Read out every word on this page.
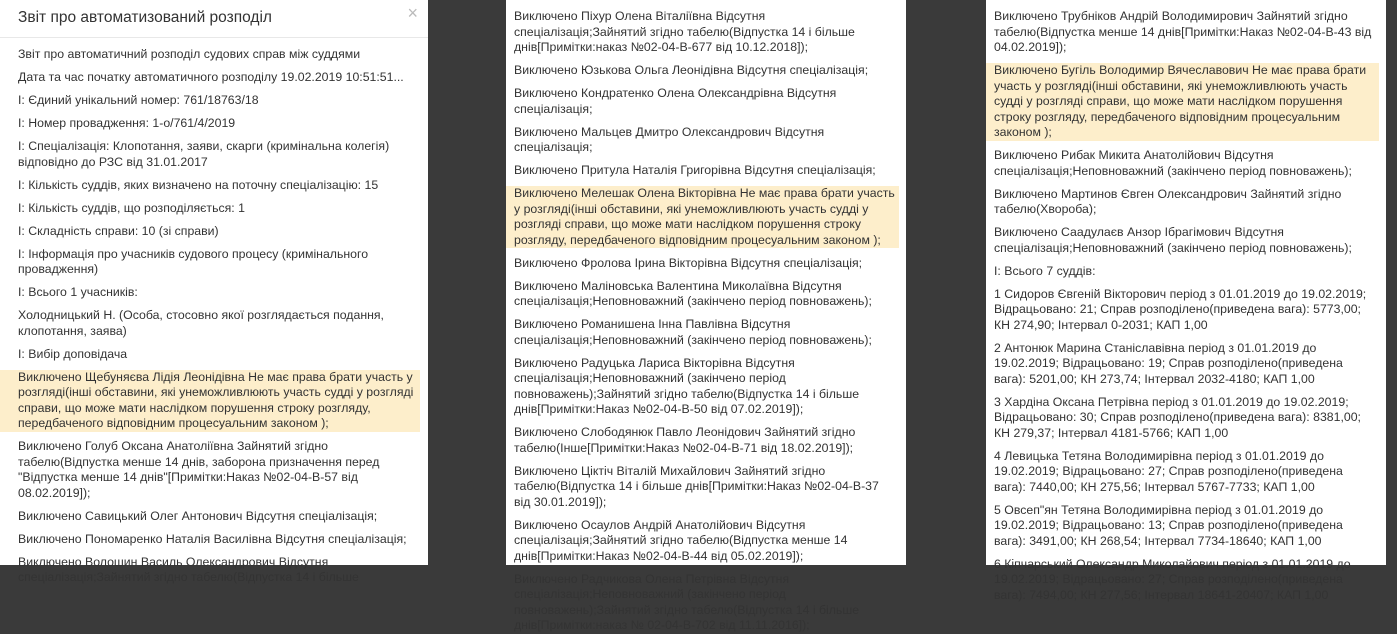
Звіт про автоматизований розподіл	×
Звіт про автоматичний розподіл судових справ між суддями
Дата та час початку автоматичного розподілу 19.02.2019 10:51:51...
І: Єдиний унікальний номер: 761/18763/18
І: Номер провадження: 1-о/761/4/2019
І: Спеціалізація: Клопотання, заяви, скарги (кримінальна колегія) відповідно до РЗС від 31.01.2017
І: Кількість суддів, яких визначено на поточну спеціалізацію: 15
І: Кількість суддів, що розподіляється: 1
І: Складність справи: 10 (зі справи)
І: Інформація про учасників судового процесу (кримінального провадження)
І: Всього 1 учасників:
Холодницький Н. (Особа, стосовно якої розглядається подання, клопотання, заява)
І: Вибір доповідача
Виключено Щебуняєва Лідія Леонідівна Не має права брати участь у розгляді(інші обставини, які унеможливлюють участь судді у розгляді справи, що може мати наслідком порушення строку розгляду, передбаченого відповідним процесуальним законом );
Виключено Голуб Оксана Анатоліївна Зайнятий згідно табелю(Відпустка менше 14 днів, заборона призначення перед "Відпустка менше 14 днів"[Примітки:Наказ №02-04-В-57 від 08.02.2019]);
Виключено Савицький Олег Антонович Відсутня спеціалізація;
Виключено Пономаренко Наталія Василівна Відсутня спеціалізація;
Виключено Волошин Василь Олександрович Відсутня спеціалізація;Зайнятий згідно табелю(Відпустка 14 і більше
Виключено Піхур Олена Віталіївна Відсутня спеціалізація;Зайнятий згідно табелю(Відпустка 14 і більше днів[Примітки:наказ №02-04-В-677 від 10.12.2018]);
Виключено Юзькова Ольга Леонідівна Відсутня спеціалізація;
Виключено Кондратенко Олена Олександрівна Відсутня спеціалізація;
Виключено Мальцев Дмитро Олександрович Відсутня спеціалізація;
Виключено Притула Наталія Григорівна Відсутня спеціалізація;
Виключено Мелешак Олена Вікторівна Не має права брати участь у розгляді(інші обставини, які унеможливлюють участь судді у розгляді справи, що може мати наслідком порушення строку розгляду, передбаченого відповідним процесуальним законом );
Виключено Фролова Ірина Вікторівна Відсутня спеціалізація;
Виключено Маліновська Валентина Миколаївна Відсутня спеціалізація;Неповноважний (закінчено період повноважень);
Виключено Романишена Інна Павлівна Відсутня спеціалізація;Неповноважний (закінчено період повноважень);
Виключено Радуцька Лариса Вікторівна Відсутня спеціалізація;Неповноважний (закінчено період повноважень);Зайнятий згідно табелю(Відпустка 14 і більше днів[Примітки:Наказ №02-04-В-50 від 07.02.2019]);
Виключено Слободянюк Павло Леонідович Зайнятий згідно табелю(Інше[Примітки:Наказ №02-04-В-71 від 18.02.2019]);
Виключено Цiктiч Віталій Михайлович Зайнятий згідно табелю(Відпустка 14 і більше днів[Примітки:Наказ №02-04-В-37 від 30.01.2019]);
Виключено Осаулов Андрій Анатолійович Відсутня спеціалізація;Зайнятий згідно табелю(Відпустка менше 14 днів[Примітки:Наказ №02-04-В-44 від 05.02.2019]);
Виключено Радчикова Олена Петрівна Відсутня спеціалізація;Неповноважний (закінчено період повноважень);Зайнятий згідно табелю(Відпустка 14 і більше днів[Примітки:наказ № 02-04-В-702 від 11.11.2016]);
Виключено Трубніков Андрій Володимирович Зайнятий згідно табелю(Відпустка менше 14 днів[Примітки:Наказ №02-04-В-43 від 04.02.2019]);
Виключено Бугіль Володимир Вячеславович Не має права брати участь у розгляді(інші обставини, які унеможливлюють участь судді у розгляді справи, що може мати наслідком порушення строку розгляду, передбаченого відповідним процесуальним законом );
Виключено Рибак Микита Анатолійович Відсутня спеціалізація;Неповноважний (закінчено період повноважень);
Виключено Мартинов Євген Олександрович Зайнятий згідно табелю(Хвороба);
Виключено Саадулаєв Анзор Ібрагімович Відсутня спеціалізація;Неповноважний (закінчено період повноважень);
І: Всього 7 суддів:
1 Сидоров Євгеній Вікторович період з 01.01.2019 до 19.02.2019; Відрацьовано: 21; Справ розподілено(приведена вага): 5773,00; КН 274,90; Інтервал 0-2031; КАП 1,00
2 Антонюк Марина Станіславівна період з 01.01.2019 до 19.02.2019; Відрацьовано: 19; Справ розподілено(приведена вага): 5201,00; КН 273,74; Інтервал 2032-4180; КАП 1,00
3 Хардіна Оксана Петрівна період з 01.01.2019 до 19.02.2019; Відрацьовано: 30; Справ розподілено(приведена вага): 8381,00; КН 279,37; Інтервал 4181-5766; КАП 1,00
4 Левицька Тетяна Володимирівна період з 01.01.2019 до 19.02.2019; Відрацьовано: 27; Справ розподілено(приведена вага): 7440,00; КН 275,56; Інтервал 5767-7733; КАП 1,00
5 Овсеп"ян Тетяна Володимирівна період з 01.01.2019 до 19.02.2019; Відрацьовано: 13; Справ розподілено(приведена вага): 3491,00; КН 268,54; Інтервал 7734-18640; КАП 1,00
6 Кiпчарський Олександр Миколайович період з 01.01.2019 до 19.02.2019; Відрацьовано: 27; Справ розподілено(приведена вага): 7494,00; КН 277,56; Інтервал 18641-20407; КАП 1,00
